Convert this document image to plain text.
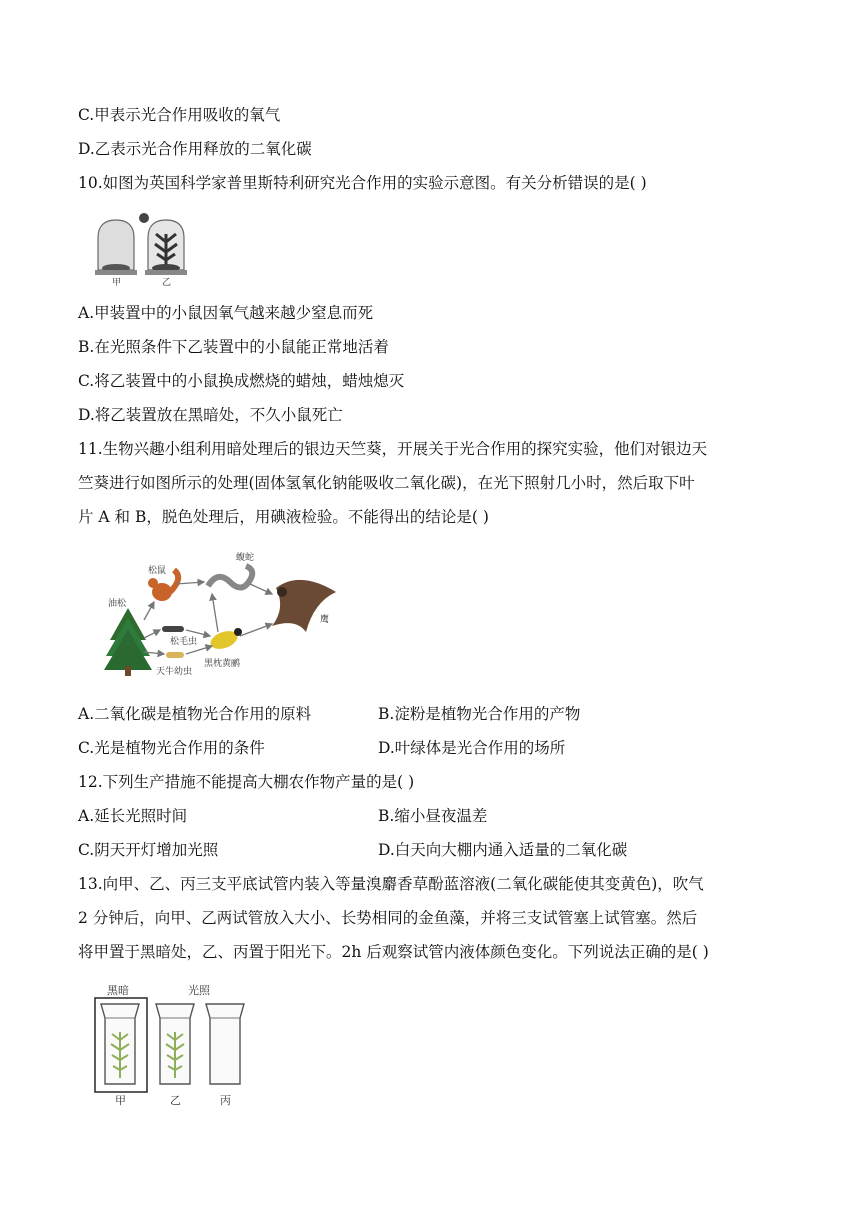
C.甲表示光合作用吸收的氧气
D.乙表示光合作用释放的二氧化碳
10.如图为英国科学家普里斯特利研究光合作用的实验示意图。有关分析错误的是( )
甲	乙
A.甲装置中的小鼠因氧气越来越少窒息而死
B.在光照条件下乙装置中的小鼠能正常地活着
C.将乙装置中的小鼠换成燃烧的蜡烛，蜡烛熄灭
D.将乙装置放在黑暗处，不久小鼠死亡
11.生物兴趣小组利用暗处理后的银边天竺葵，开展关于光合作用的探究实验，他们对银边天
竺葵进行如图所示的处理(固体氢氧化钠能吸收二氧化碳)，在光下照射几小时，然后取下叶
片 A 和 B，脱色处理后，用碘液检验。不能得出的结论是( )
油松
松鼠
蝮蛇
松毛虫
天牛幼虫
黑枕黄鹂
鹰
A.二氧化碳是植物光合作用的原料	B.淀粉是植物光合作用的产物
C.光是植物光合作用的条件	D.叶绿体是光合作用的场所
12.下列生产措施不能提高大棚农作物产量的是( )
A.延长光照时间	B.缩小昼夜温差
C.阴天开灯增加光照	D.白天向大棚内通入适量的二氧化碳
13.向甲、乙、丙三支平底试管内装入等量溴麝香草酚蓝溶液(二氧化碳能使其变黄色)，吹气
2 分钟后，向甲、乙两试管放入大小、长势相同的金鱼藻，并将三支试管塞上试管塞。然后
将甲置于黑暗处，乙、丙置于阳光下。2h 后观察试管内液体颜色变化。下列说法正确的是( )
黑暗	光照
甲	乙	丙
